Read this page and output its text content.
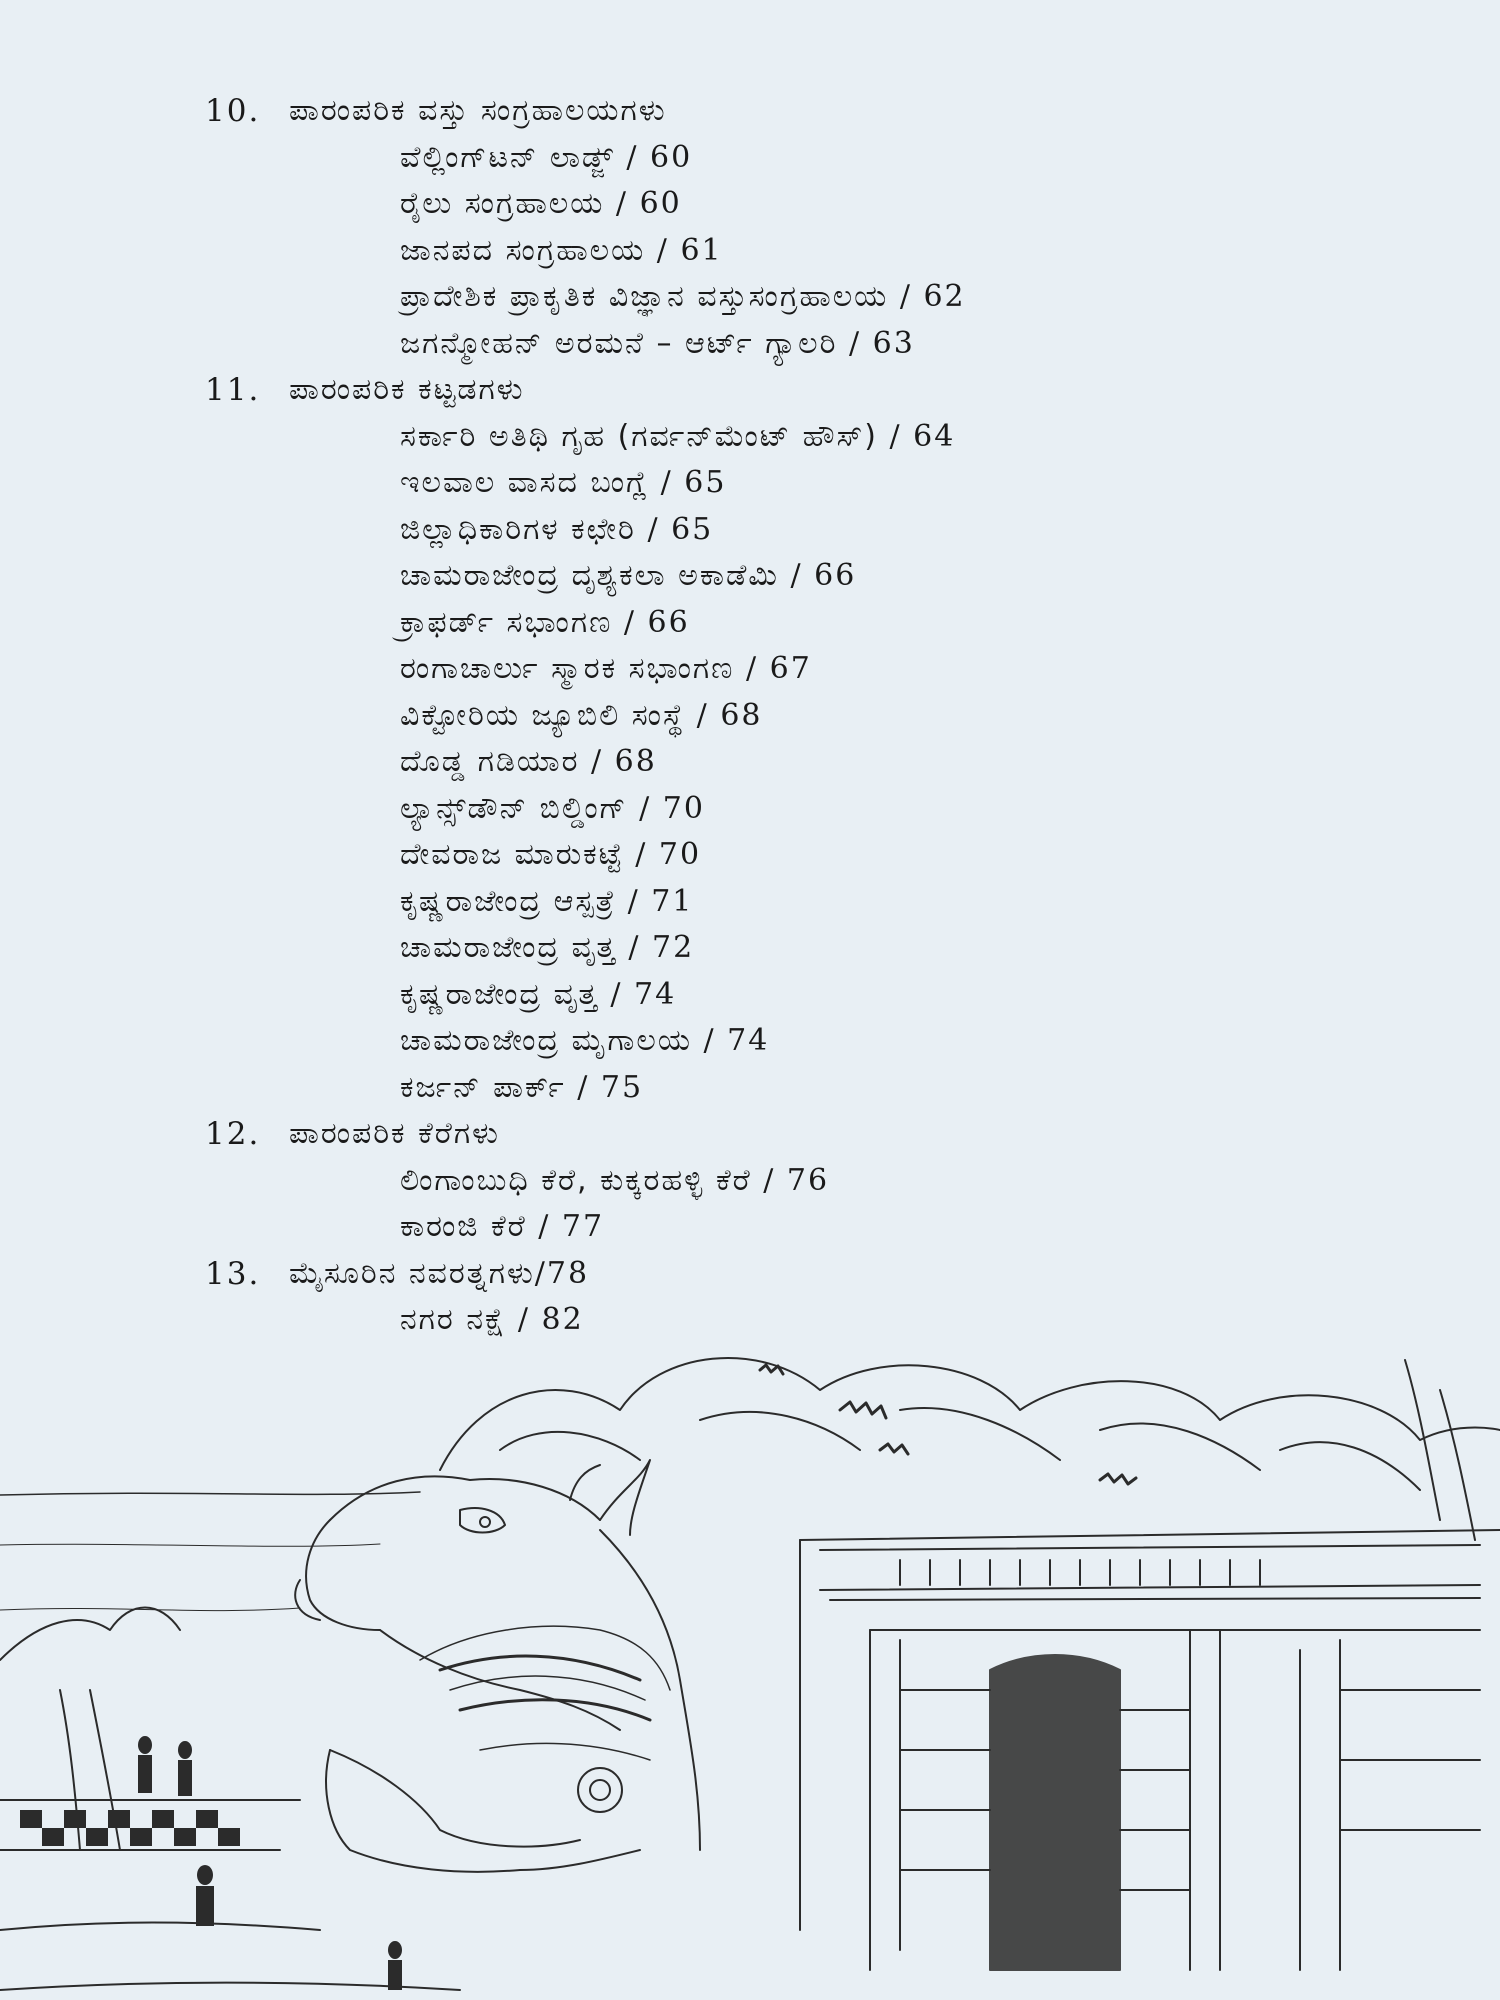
10. ಪಾರಂಪರಿಕ ವಸ್ತು ಸಂಗ್ರಹಾಲಯಗಳು
ವೆಲ್ಲಿಂಗ್‌ಟನ್ ಲಾಡ್ಜ್ / 60
ರೈಲು ಸಂಗ್ರಹಾಲಯ / 60
ಜಾನಪದ ಸಂಗ್ರಹಾಲಯ / 61
ಪ್ರಾದೇಶಿಕ ಪ್ರಾಕೃತಿಕ ವಿಜ್ಞಾನ ವಸ್ತುಸಂಗ್ರಹಾಲಯ / 62
ಜಗನ್ಮೋಹನ್ ಅರಮನೆ – ಆರ್ಟ್ ಗ್ಯಾಲರಿ / 63
11. ಪಾರಂಪರಿಕ ಕಟ್ಟಡಗಳು
ಸರ್ಕಾರಿ ಅತಿಥಿ ಗೃಹ (ಗರ್ವನ್‌ಮೆಂಟ್ ಹೌಸ್) / 64
ಇಲವಾಲ ವಾಸದ ಬಂಗ್ಲೆ / 65
ಜಿಲ್ಲಾಧಿಕಾರಿಗಳ ಕಛೇರಿ / 65
ಚಾಮರಾಜೇಂದ್ರ ದೃಶ್ಯಕಲಾ ಅಕಾಡೆಮಿ / 66
ಕ್ರಾಫರ್ಡ್ ಸಭಾಂಗಣ / 66
ರಂಗಾಚಾರ್ಲು ಸ್ಮಾರಕ ಸಭಾಂಗಣ / 67
ವಿಕ್ಟೋರಿಯ ಜ್ಯೂಬಿಲಿ ಸಂಸ್ಥೆ / 68
ದೊಡ್ಡ ಗಡಿಯಾರ / 68
ಲ್ಯಾನ್ಸ್‌ಡೌನ್ ಬಿಲ್ಡಿಂಗ್ / 70
ದೇವರಾಜ ಮಾರುಕಟ್ಟೆ / 70
ಕೃಷ್ಣರಾಜೇಂದ್ರ ಆಸ್ಪತ್ರೆ / 71
ಚಾಮರಾಜೇಂದ್ರ ವೃತ್ತ / 72
ಕೃಷ್ಣರಾಜೇಂದ್ರ ವೃತ್ತ / 74
ಚಾಮರಾಜೇಂದ್ರ ಮೃಗಾಲಯ / 74
ಕರ್ಜನ್ ಪಾರ್ಕ್ / 75
12. ಪಾರಂಪರಿಕ ಕೆರೆಗಳು
ಲಿಂಗಾಂಬುಧಿ ಕೆರೆ, ಕುಕ್ಕರಹಳ್ಳಿ ಕೆರೆ / 76
ಕಾರಂಜಿ ಕೆರೆ / 77
13. ಮೈಸೂರಿನ ನವರತ್ನಗಳು / 78
ನಗರ ನಕ್ಷೆ / 82
